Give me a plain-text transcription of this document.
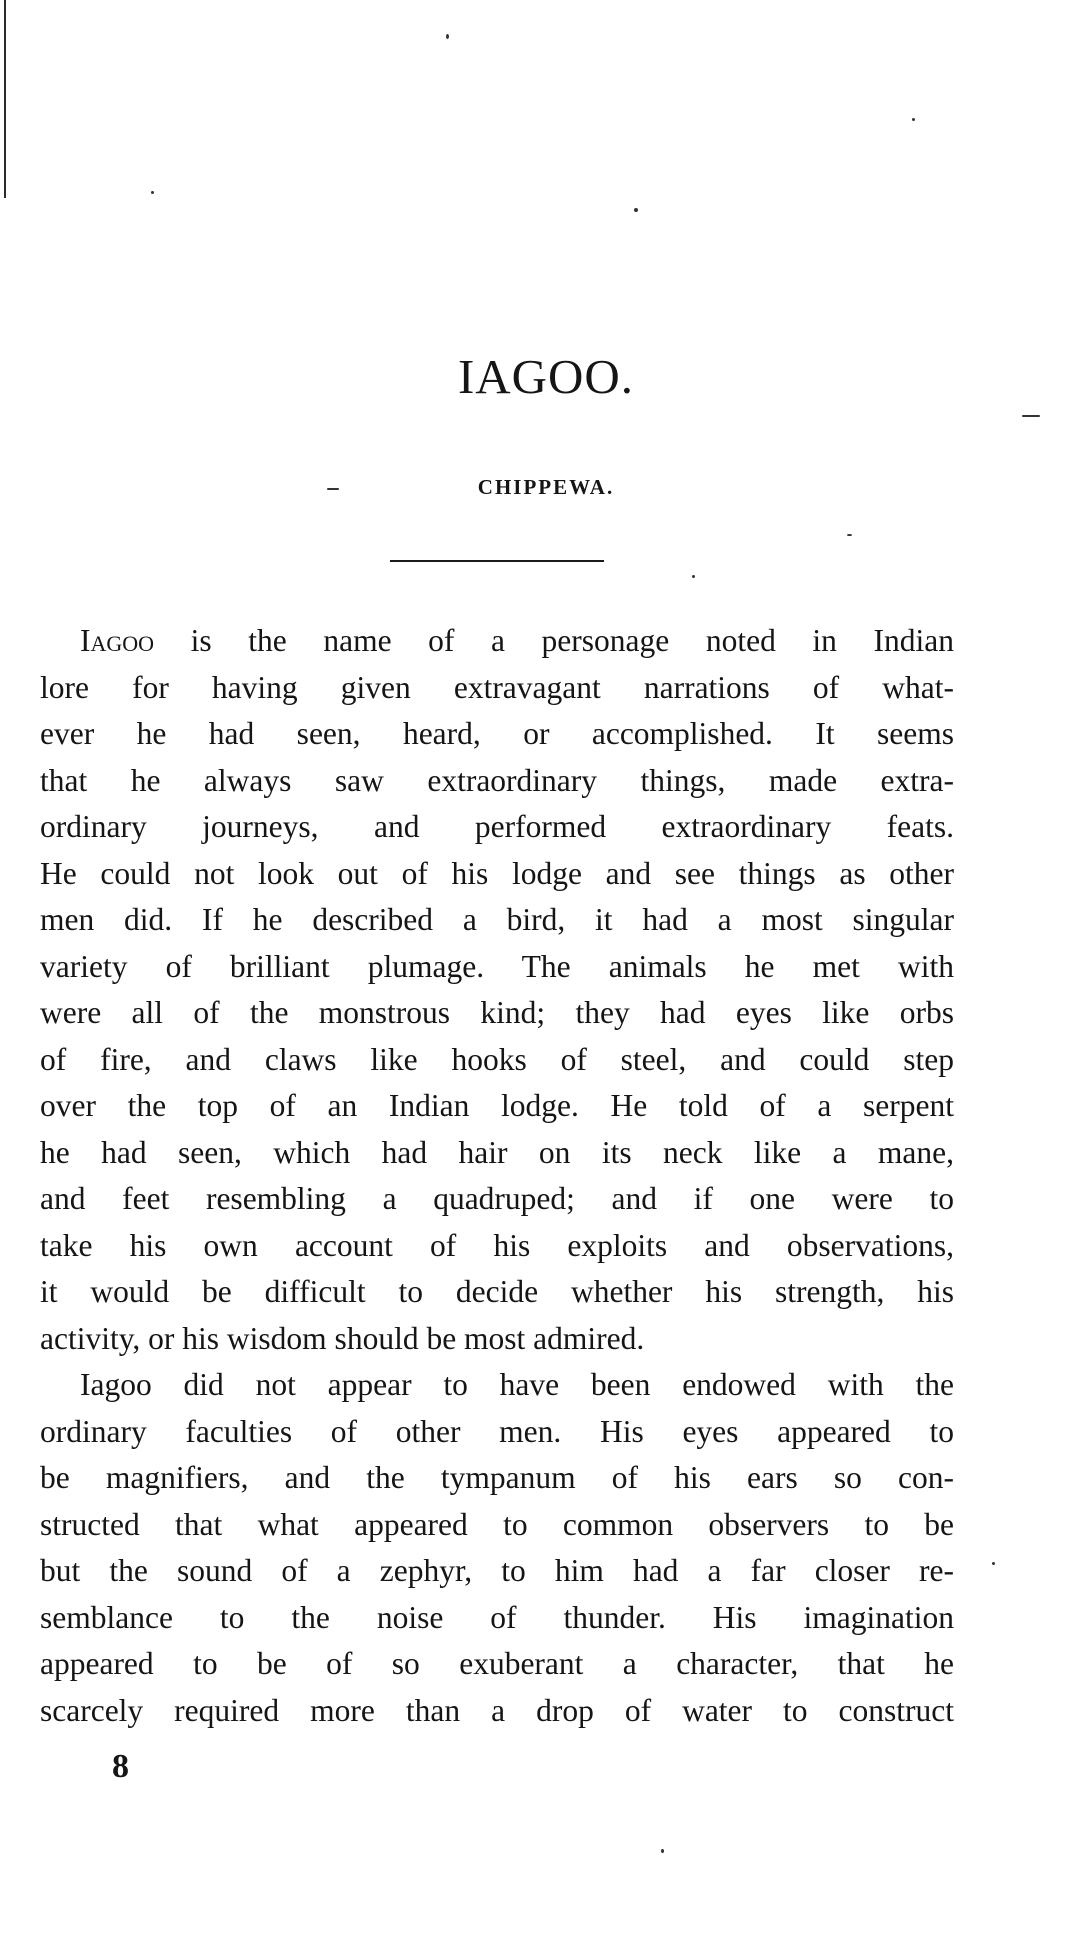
IAGOO.
CHIPPEWA.
Iagoo is the name of a personage noted in Indian
lore for having given extravagant narrations of what-
ever he had seen, heard, or accomplished. It seems
that he always saw extraordinary things, made extra-
ordinary journeys, and performed extraordinary feats.
He could not look out of his lodge and see things as other
men did. If he described a bird, it had a most singular
variety of brilliant plumage. The animals he met with
were all of the monstrous kind; they had eyes like orbs
of fire, and claws like hooks of steel, and could step
over the top of an Indian lodge. He told of a serpent
he had seen, which had hair on its neck like a mane,
and feet resembling a quadruped; and if one were to
take his own account of his exploits and observations,
it would be difficult to decide whether his strength, his
activity, or his wisdom should be most admired.
Iagoo did not appear to have been endowed with the
ordinary faculties of other men. His eyes appeared to
be magnifiers, and the tympanum of his ears so con-
structed that what appeared to common observers to be
but the sound of a zephyr, to him had a far closer re-
semblance to the noise of thunder. His imagination
appeared to be of so exuberant a character, that he
scarcely required more than a drop of water to construct
8
